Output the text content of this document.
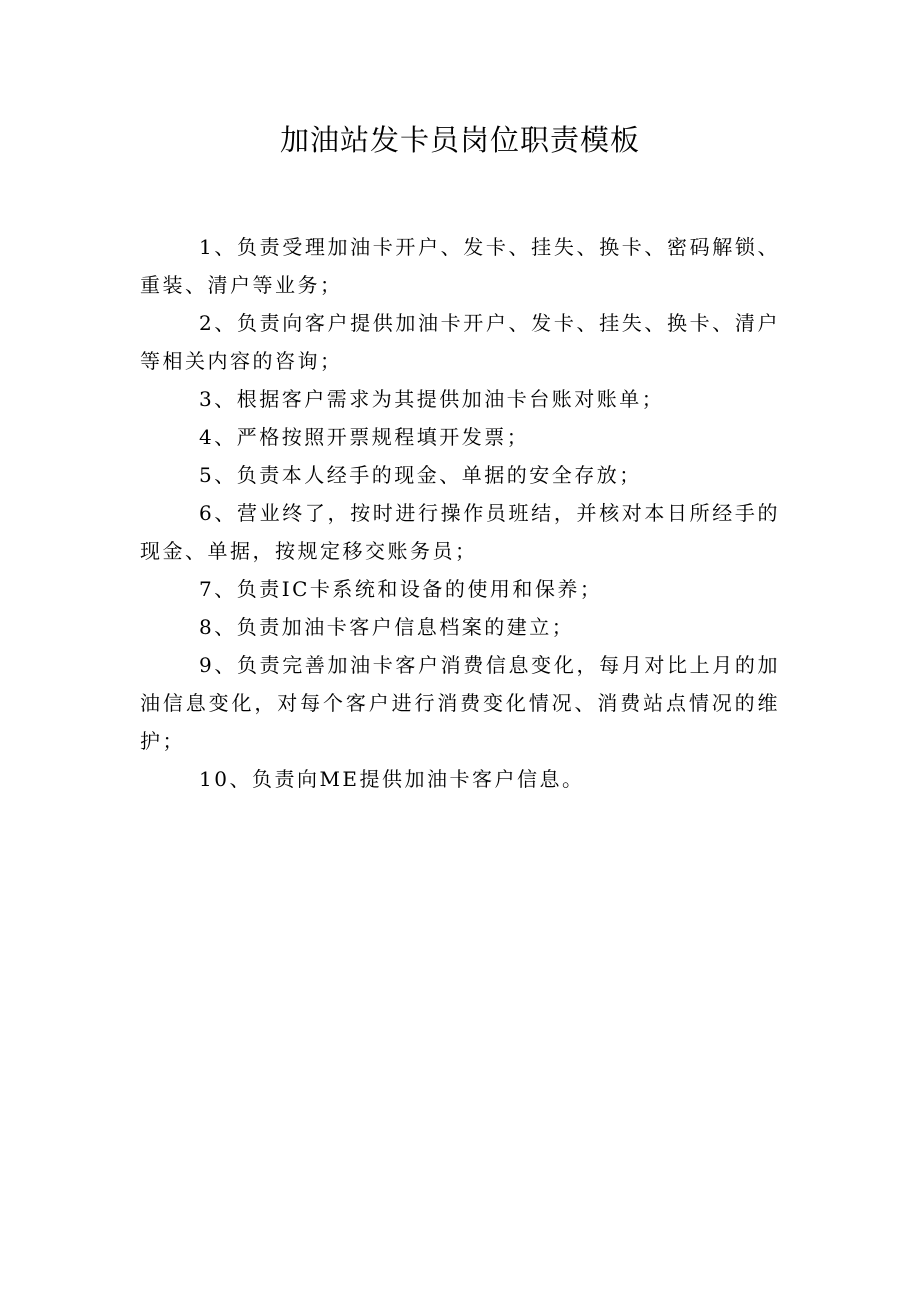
加油站发卡员岗位职责模板

1、负责受理加油卡开户、发卡、挂失、换卡、密码解锁、重装、清户等业务；

2、负责向客户提供加油卡开户、发卡、挂失、换卡、清户等相关内容的咨询；

3、根据客户需求为其提供加油卡台账对账单；

4、严格按照开票规程填开发票；

5、负责本人经手的现金、单据的安全存放；

6、营业终了，按时进行操作员班结，并核对本日所经手的现金、单据，按规定移交账务员；

7、负责IC卡系统和设备的使用和保养；

8、负责加油卡客户信息档案的建立；

9、负责完善加油卡客户消费信息变化，每月对比上月的加油信息变化，对每个客户进行消费变化情况、消费站点情况的维护；

10、负责向ME提供加油卡客户信息。
